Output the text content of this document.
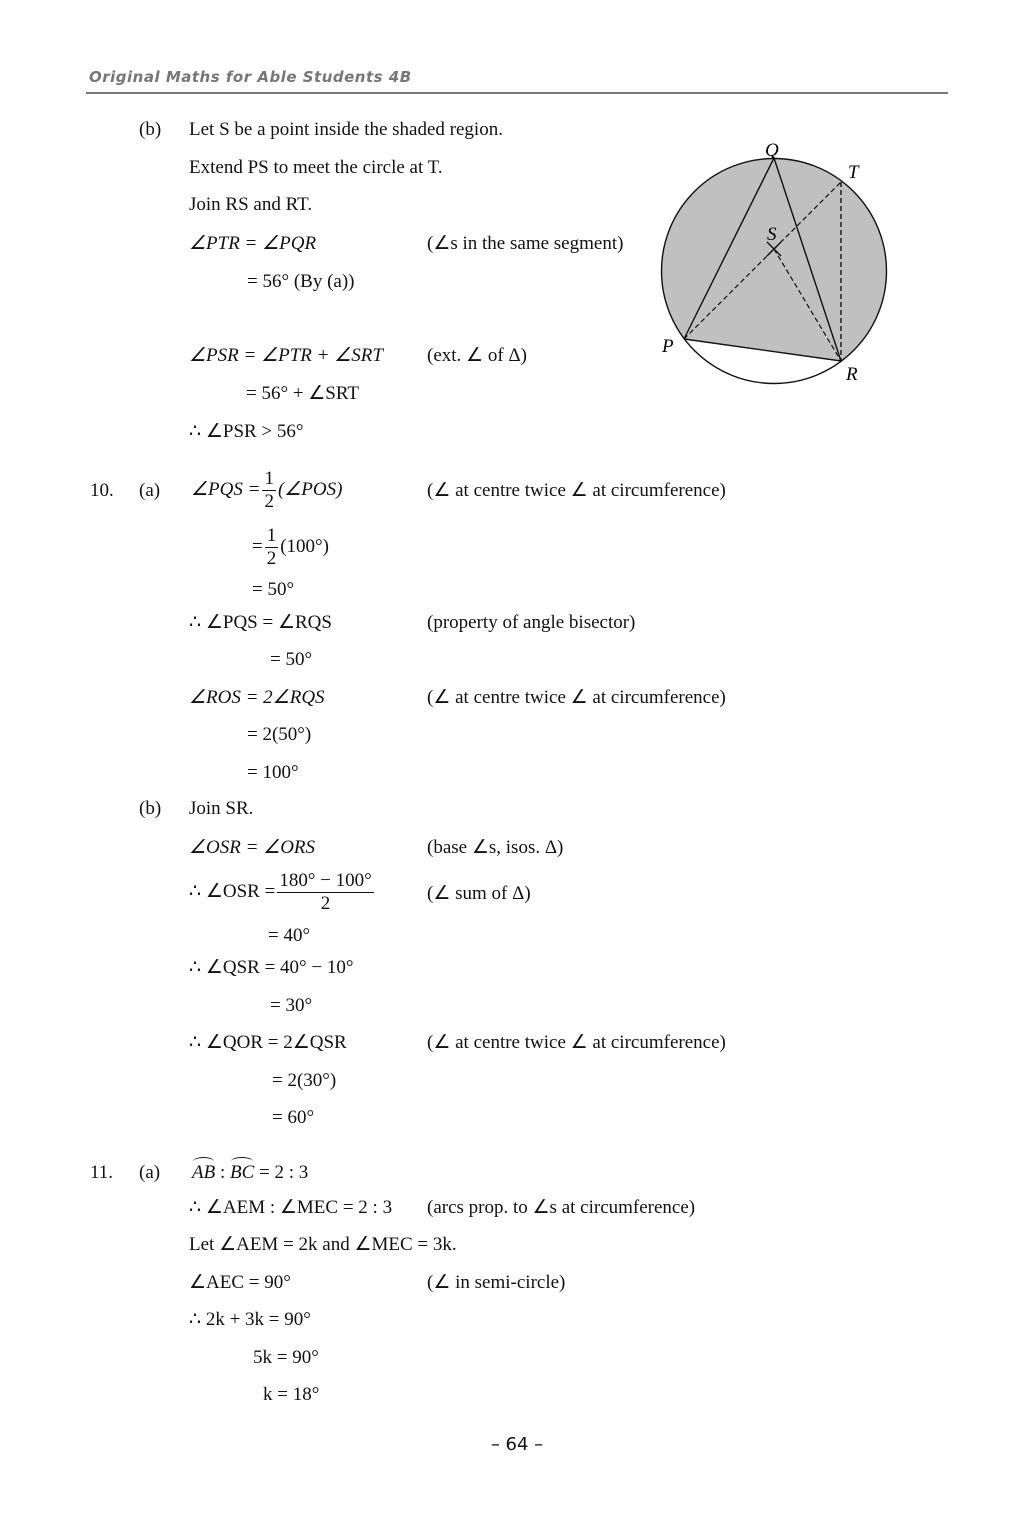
Original Maths for Able Students 4B
Q
T
S
P
R
(b) Let S be a point inside the shaded region.
Extend PS to meet the circle at T.
Join RS and RT.
∠PTR = ∠PQR	(∠s in the same segment)
= 56° (By (a))
∠PSR = ∠PTR + ∠SRT (ext. ∠ of Δ)
= 56° + ∠SRT
∴ ∠PSR > 56°
10. (a) ∠PQS = $\frac{1}{2}$ (∠POS)	(∠ at centre twice ∠ at circumference)
= $\frac{1}{2} (100^\circ)$
= 50°
∴ ∠PQS = ∠RQS	(property of angle bisector)
= 50°
∠ROS = 2∠RQS	(∠ at centre twice ∠ at circumference)
= 2(50°)
= 100°
(b) Join SR.
∠OSR = ∠ORS	(base ∠s, isos. Δ)
∴ ∠OSR = $\frac{180^\circ - 100^\circ}{2}$	(∠ sum of Δ)
= 40°
∴ ∠QSR = 40° − 10°
= 30°
∴ ∠QOR = 2∠QSR	(∠ at centre twice ∠ at circumference)
= 2(30°)
= 60°
11. (a) AB : BC = 2 : 3
∴ ∠AEM : ∠MEC = 2 : 3 (arcs prop. to ∠s at circumference)
Let ∠AEM = 2k and ∠MEC = 3k.
∠AEC = 90°	(∠ in semi-circle)
∴ 2k + 3k = 90°
5k = 90°
k = 18°
– 64 –
